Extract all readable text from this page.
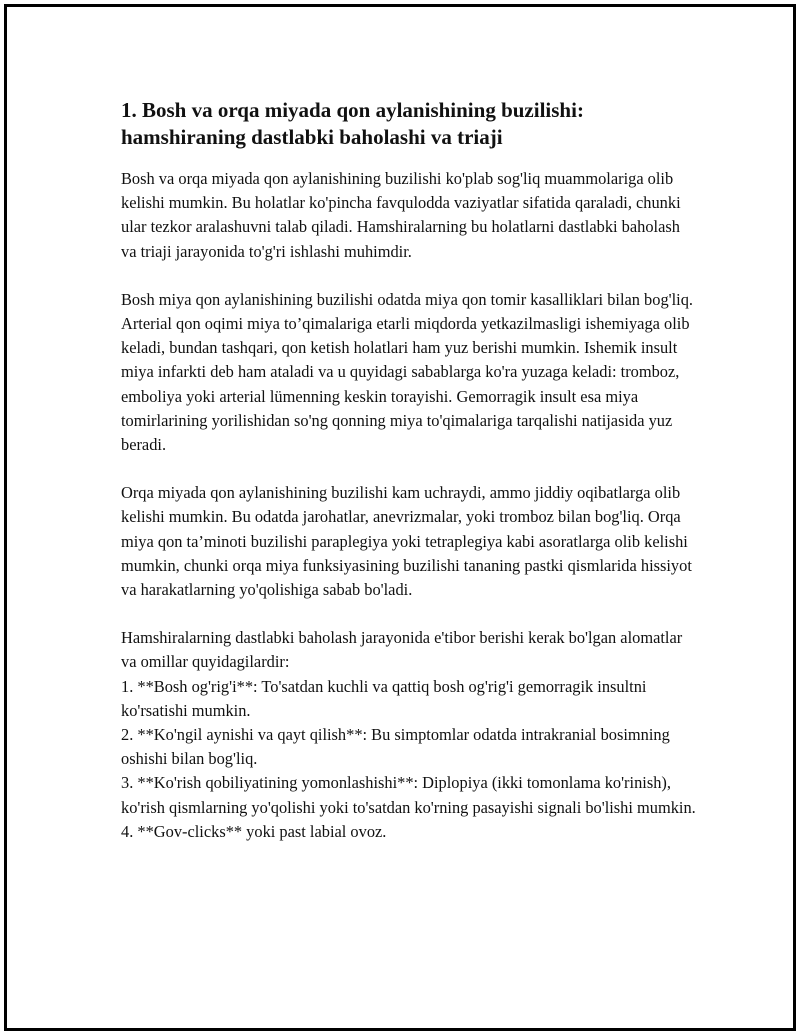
1. Bosh va orqa miyada qon aylanishining buzilishi: hamshiraning dastlabki baholashi va triaji

Bosh va orqa miyada qon aylanishining buzilishi ko'plab sog'liq muammolariga olib kelishi mumkin. Bu holatlar ko'pincha favqulodda vaziyatlar sifatida qaraladi, chunki ular tezkor aralashuvni talab qiladi. Hamshiralarning bu holatlarni dastlabki baholash va triaji jarayonida to'g'ri ishlashi muhimdir.

Bosh miya qon aylanishining buzilishi odatda miya qon tomir kasalliklari bilan bog'liq. Arterial qon oqimi miya to’qimalariga etarli miqdorda yetkazilmasligi ishemiyaga olib keladi, bundan tashqari, qon ketish holatlari ham yuz berishi mumkin. Ishemik insult miya infarkti deb ham ataladi va u quyidagi sabablarga ko'ra yuzaga keladi: tromboz, emboliya yoki arterial lümenning keskin torayishi. Gemorragik insult esa miya tomirlarining yorilishidan so'ng qonning miya to'qimalariga tarqalishi natijasida yuz beradi.

Orqa miyada qon aylanishining buzilishi kam uchraydi, ammo jiddiy oqibatlarga olib kelishi mumkin. Bu odatda jarohatlar, anevrizmalar, yoki tromboz bilan bog'liq. Orqa miya qon ta’minoti buzilishi paraplegiya yoki tetraplegiya kabi asoratlarga olib kelishi mumkin, chunki orqa miya funksiyasining buzilishi tananing pastki qismlarida hissiyot va harakatlarning yo'qolishiga sabab bo'ladi.

Hamshiralarning dastlabki baholash jarayonida e'tibor berishi kerak bo'lgan alomatlar va omillar quyidagilardir:

1. **Bosh og'rig'i**: To'satdan kuchli va qattiq bosh og'rig'i gemorragik insultni ko'rsatishi mumkin.

2. **Ko'ngil aynishi va qayt qilish**: Bu simptomlar odatda intrakranial bosimning oshishi bilan bog'liq.

3. **Ko'rish qobiliyatining yomonlashishi**: Diplopiya (ikki tomonlama ko'rinish), ko'rish qismlarning yo'qolishi yoki to'satdan ko'rning pasayishi signali bo'lishi mumkin.

4. **Gov-clicks** yoki past labial ovoz.
